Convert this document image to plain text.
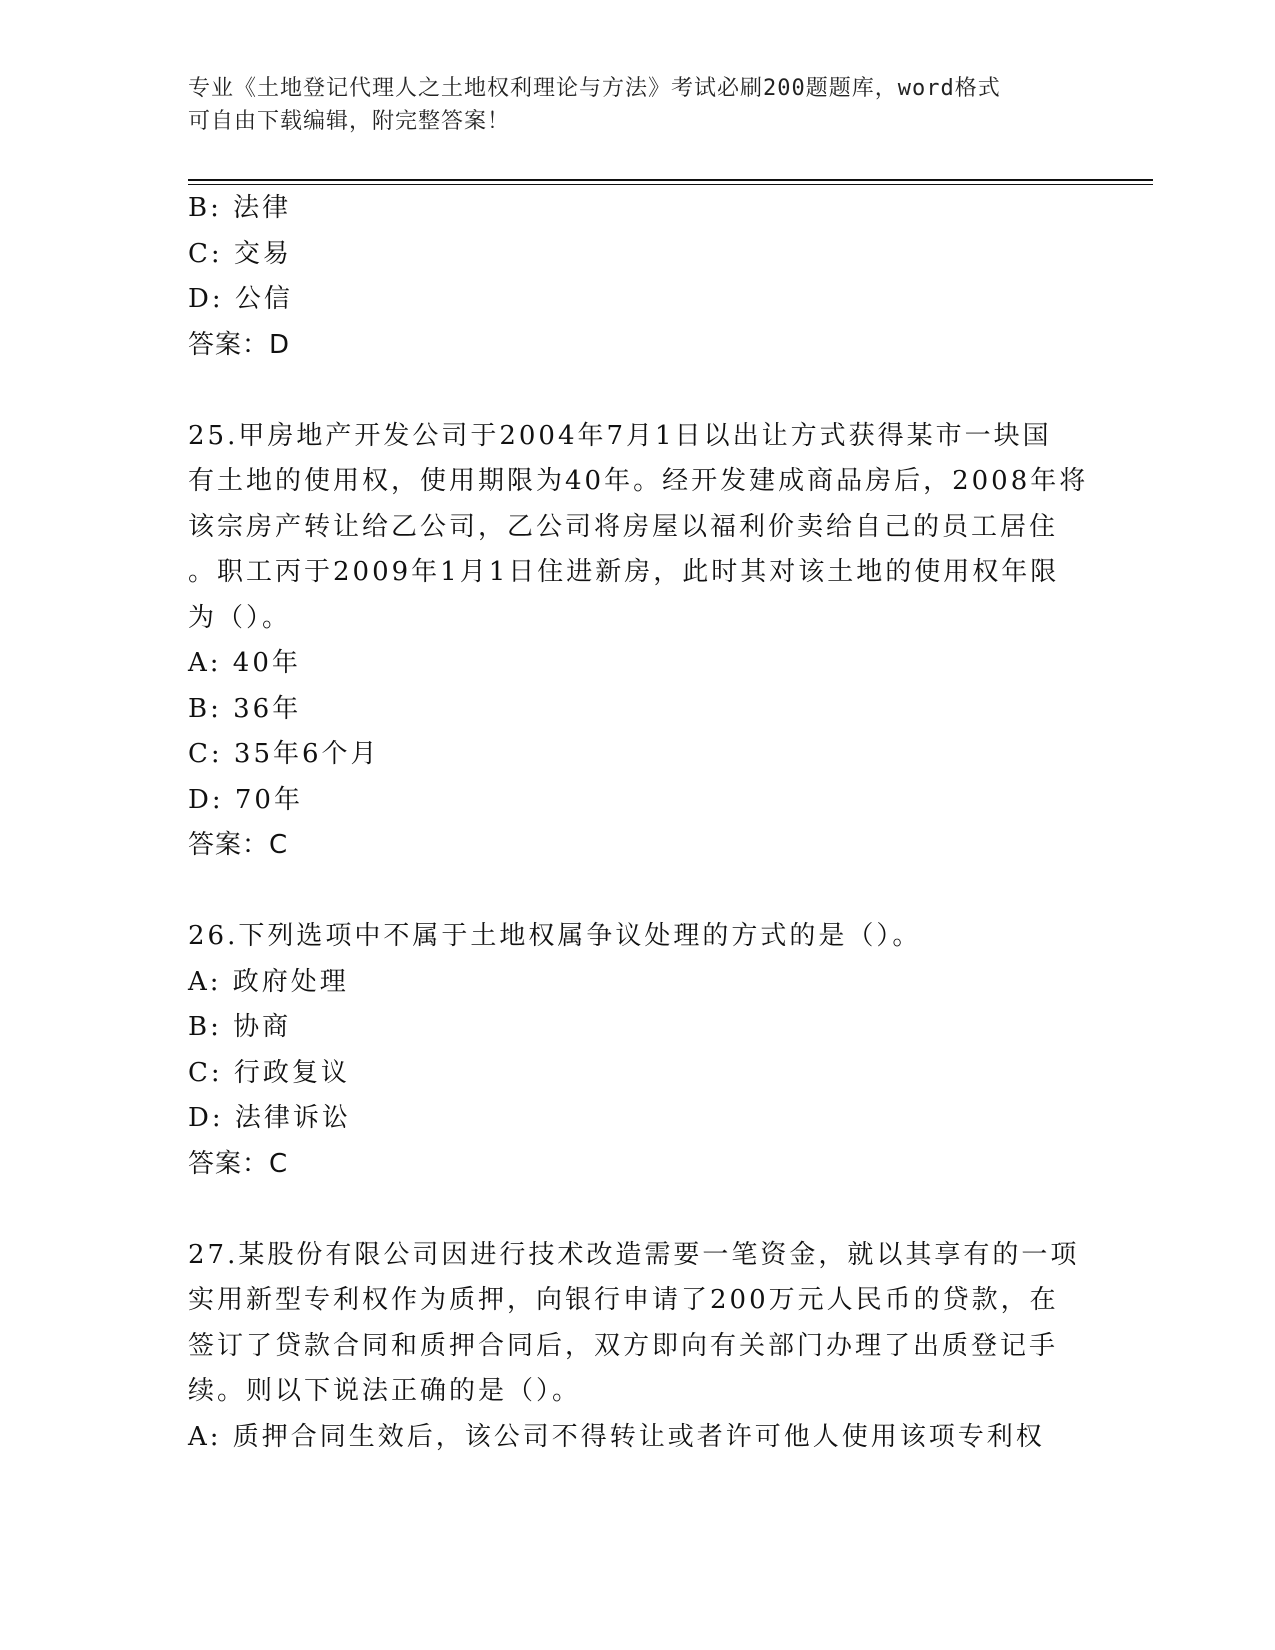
专业《土地登记代理人之土地权利理论与方法》考试必刷200题题库，word格式
可自由下载编辑，附完整答案！
B: 法律
C: 交易
D: 公信
答案：D
25.甲房地产开发公司于2004年7月1日以出让方式获得某市一块国
有土地的使用权，使用期限为40年。经开发建成商品房后，2008年将
该宗房产转让给乙公司，乙公司将房屋以福利价卖给自己的员工居住
。职工丙于2009年1月1日住进新房，此时其对该土地的使用权年限
为（）。
A: 40年
B: 36年
C: 35年6个月
D: 70年
答案：C
26.下列选项中不属于土地权属争议处理的方式的是（）。
A: 政府处理
B: 协商
C: 行政复议
D: 法律诉讼
答案：C
27.某股份有限公司因进行技术改造需要一笔资金，就以其享有的一项
实用新型专利权作为质押，向银行申请了200万元人民币的贷款，在
签订了贷款合同和质押合同后，双方即向有关部门办理了出质登记手
续。则以下说法正确的是（）。
A: 质押合同生效后，该公司不得转让或者许可他人使用该项专利权
